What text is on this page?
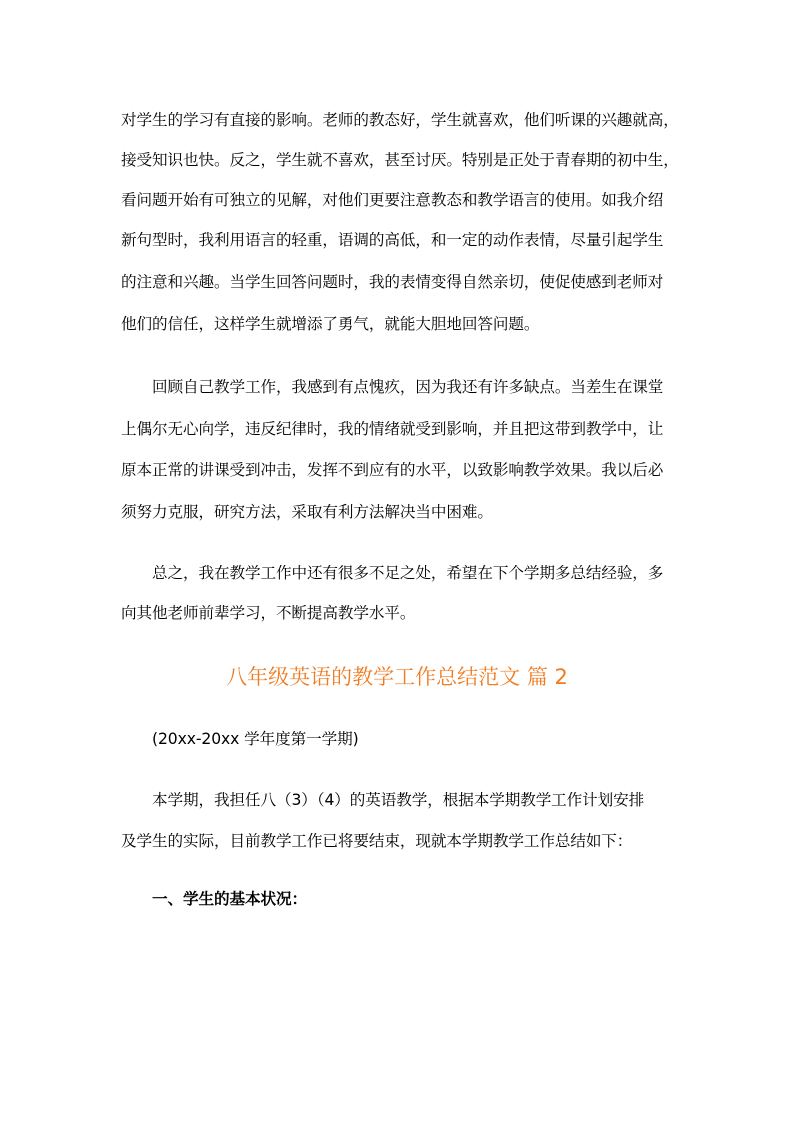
对学生的学习有直接的影响。老师的教态好，学生就喜欢，他们听课的兴趣就高，
接受知识也快。反之，学生就不喜欢，甚至讨厌。特别是正处于青春期的初中生，
看问题开始有可独立的见解，对他们更要注意教态和教学语言的使用。如我介绍
新句型时，我利用语言的轻重，语调的高低，和一定的动作表情，尽量引起学生
的注意和兴趣。当学生回答问题时，我的表情变得自然亲切，使促使感到老师对
他们的信任，这样学生就增添了勇气，就能大胆地回答问题。
回顾自己教学工作，我感到有点愧疚，因为我还有许多缺点。当差生在课堂
上偶尔无心向学，违反纪律时，我的情绪就受到影响，并且把这带到教学中，让
原本正常的讲课受到冲击，发挥不到应有的水平，以致影响教学效果。我以后必
须努力克服，研究方法，采取有利方法解决当中困难。
总之，我在教学工作中还有很多不足之处，希望在下个学期多总结经验，多
向其他老师前辈学习，不断提高教学水平。
八年级英语的教学工作总结范文 篇 2
(20xx-20xx 学年度第一学期)
本学期，我担任八（3）（4）的英语教学，根据本学期教学工作计划安排
及学生的实际，目前教学工作已将要结束，现就本学期教学工作总结如下：
一、学生的基本状况：
